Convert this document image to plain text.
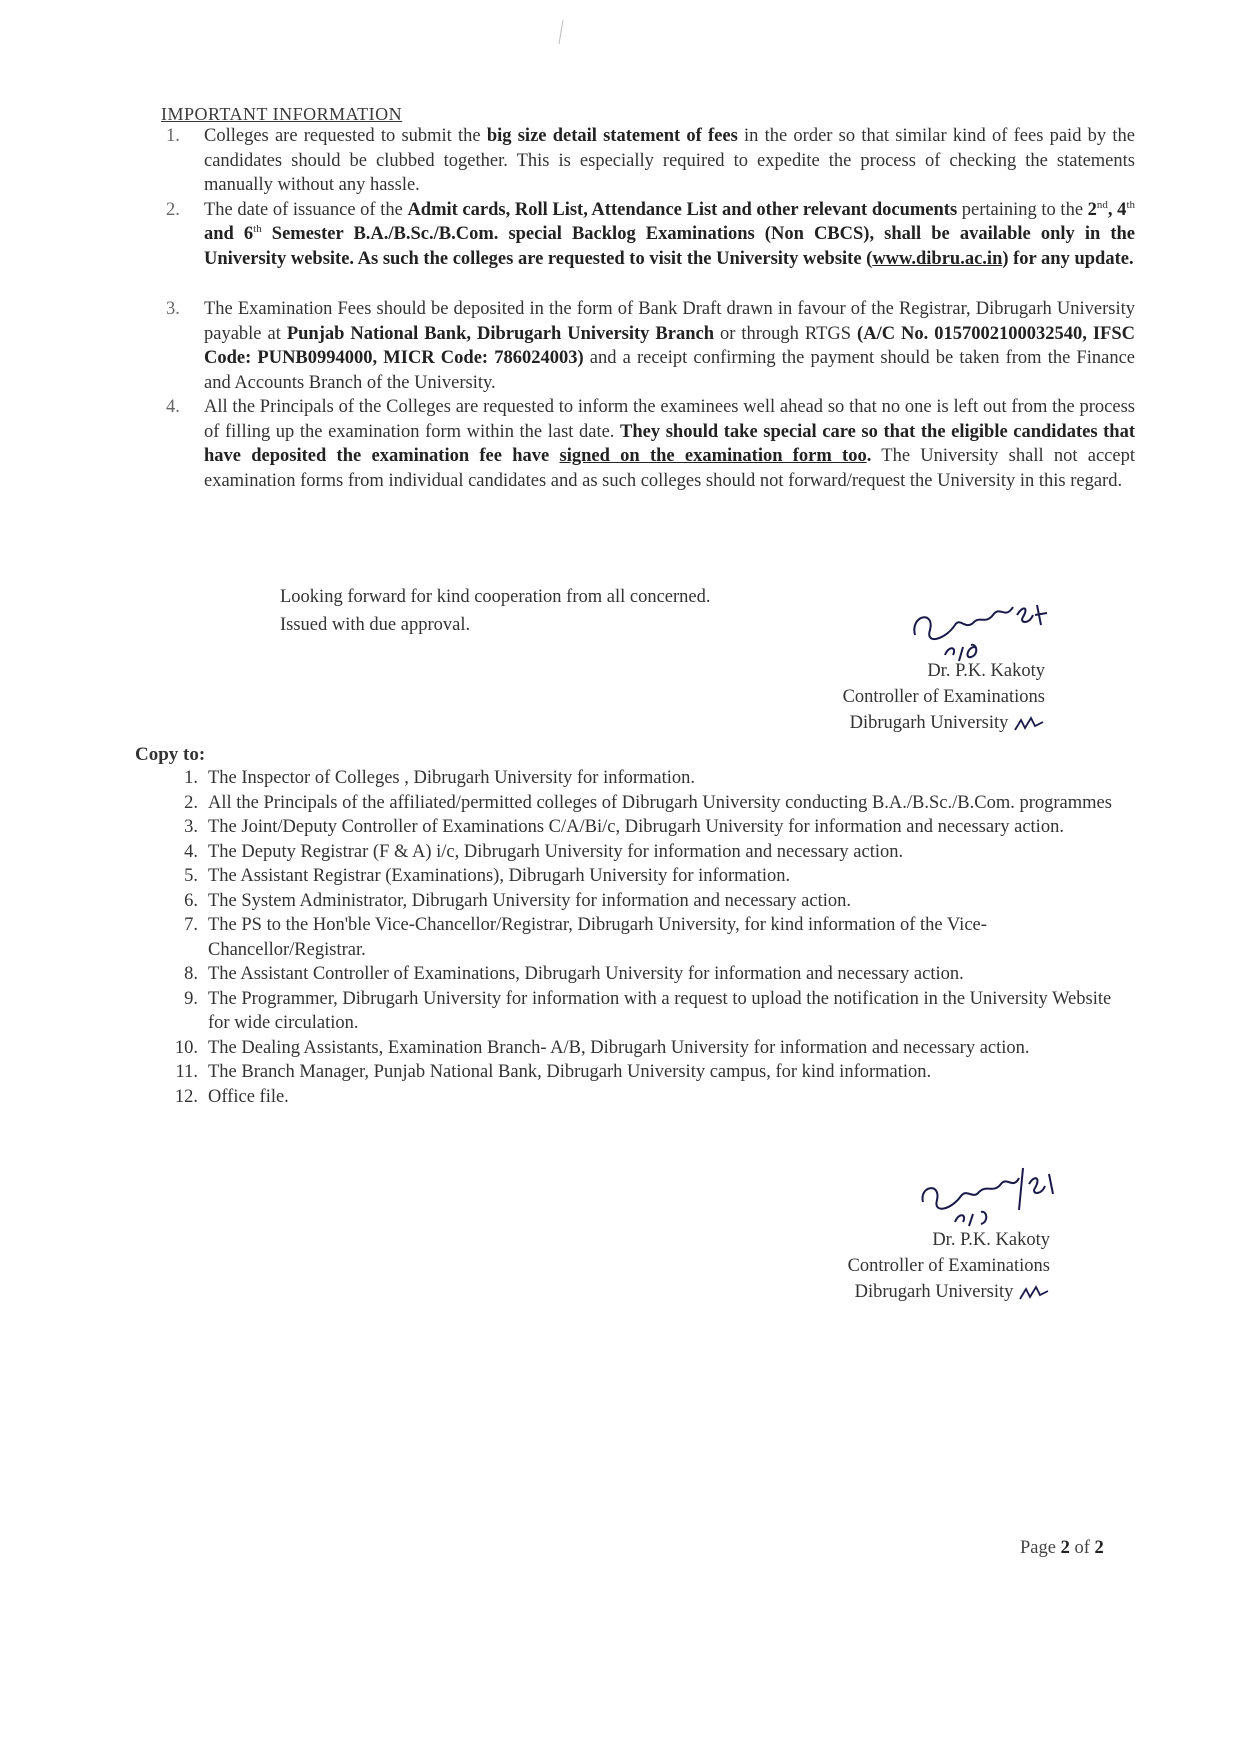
IMPORTANT INFORMATION
1. Colleges are requested to submit the big size detail statement of fees in the order so that similar kind of fees paid by the candidates should be clubbed together. This is especially required to expedite the process of checking the statements manually without any hassle.
2. The date of issuance of the Admit cards, Roll List, Attendance List and other relevant documents pertaining to the 2nd, 4th and 6th Semester B.A./B.Sc./B.Com. special Backlog Examinations (Non CBCS), shall be available only in the University website. As such the colleges are requested to visit the University website (www.dibru.ac.in) for any update.
3. The Examination Fees should be deposited in the form of Bank Draft drawn in favour of the Registrar, Dibrugarh University payable at Punjab National Bank, Dibrugarh University Branch or through RTGS (A/C No. 0157002100032540, IFSC Code: PUNB0994000, MICR Code: 786024003) and a receipt confirming the payment should be taken from the Finance and Accounts Branch of the University.
4. All the Principals of the Colleges are requested to inform the examinees well ahead so that no one is left out from the process of filling up the examination form within the last date. They should take special care so that the eligible candidates that have deposited the examination fee have signed on the examination form too. The University shall not accept examination forms from individual candidates and as such colleges should not forward/request the University in this regard.
Looking forward for kind cooperation from all concerned.
Issued with due approval.
Dr. P.K. Kakoty
Controller of Examinations
Dibrugarh University
Copy to:
1. The Inspector of Colleges , Dibrugarh University for information.
2. All the Principals of the affiliated/permitted colleges of Dibrugarh University conducting B.A./B.Sc./B.Com. programmes
3. The Joint/Deputy Controller of Examinations C/A/Bi/c, Dibrugarh University for information and necessary action.
4. The Deputy Registrar (F & A) i/c, Dibrugarh University for information and necessary action.
5. The Assistant Registrar (Examinations), Dibrugarh University for information.
6. The System Administrator, Dibrugarh University for information and necessary action.
7. The PS to the Hon'ble Vice-Chancellor/Registrar, Dibrugarh University, for kind information of the Vice-Chancellor/Registrar.
8. The Assistant Controller of Examinations, Dibrugarh University for information and necessary action.
9. The Programmer, Dibrugarh University for information with a request to upload the notification in the University Website for wide circulation.
10. The Dealing Assistants, Examination Branch- A/B, Dibrugarh University for information and necessary action.
11. The Branch Manager, Punjab National Bank, Dibrugarh University campus, for kind information.
12. Office file.
Dr. P.K. Kakoty
Controller of Examinations
Dibrugarh University
Page 2 of 2
